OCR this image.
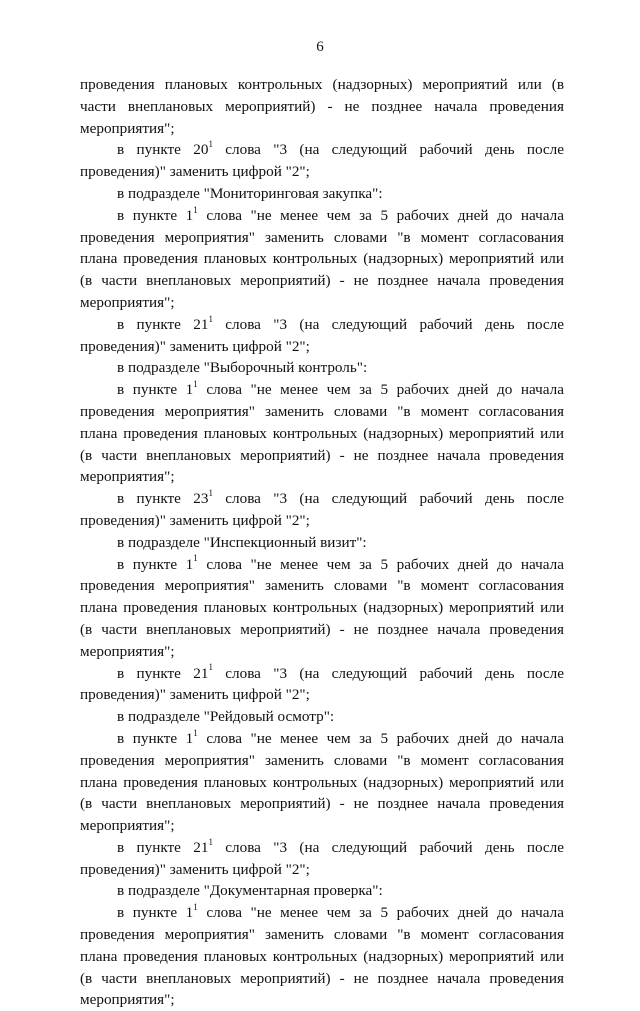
6

проведения плановых контрольных (надзорных) мероприятий или (в части внеплановых мероприятий) - не позднее начала проведения мероприятия";

в пункте $20^1$ слова "3 (на следующий рабочий день после проведения)" заменить цифрой "2";

в подразделе "Мониторинговая закупка":

в пункте $1^1$ слова "не менее чем за 5 рабочих дней до начала проведения мероприятия" заменить словами "в момент согласования плана проведения плановых контрольных (надзорных) мероприятий или (в части внеплановых мероприятий) - не позднее начала проведения мероприятия";

в пункте $21^1$ слова "3 (на следующий рабочий день после проведения)" заменить цифрой "2";

в подразделе "Выборочный контроль":

в пункте $1^1$ слова "не менее чем за 5 рабочих дней до начала проведения мероприятия" заменить словами "в момент согласования плана проведения плановых контрольных (надзорных) мероприятий или (в части внеплановых мероприятий) - не позднее начала проведения мероприятия";

в пункте $23^1$ слова "3 (на следующий рабочий день после проведения)" заменить цифрой "2";

в подразделе "Инспекционный визит":

в пункте $1^1$ слова "не менее чем за 5 рабочих дней до начала проведения мероприятия" заменить словами "в момент согласования плана проведения плановых контрольных (надзорных) мероприятий или (в части внеплановых мероприятий) - не позднее начала проведения мероприятия";

в пункте $21^1$ слова "3 (на следующий рабочий день после проведения)" заменить цифрой "2";

в подразделе "Рейдовый осмотр":

в пункте $1^1$ слова "не менее чем за 5 рабочих дней до начала проведения мероприятия" заменить словами "в момент согласования плана проведения плановых контрольных (надзорных) мероприятий или (в части внеплановых мероприятий) - не позднее начала проведения мероприятия";

в пункте $21^1$ слова "3 (на следующий рабочий день после проведения)" заменить цифрой "2";

в подразделе "Документарная проверка":

в пункте $1^1$ слова "не менее чем за 5 рабочих дней до начала проведения мероприятия" заменить словами "в момент согласования плана проведения плановых контрольных (надзорных) мероприятий или (в части внеплановых мероприятий) - не позднее начала проведения мероприятия";
